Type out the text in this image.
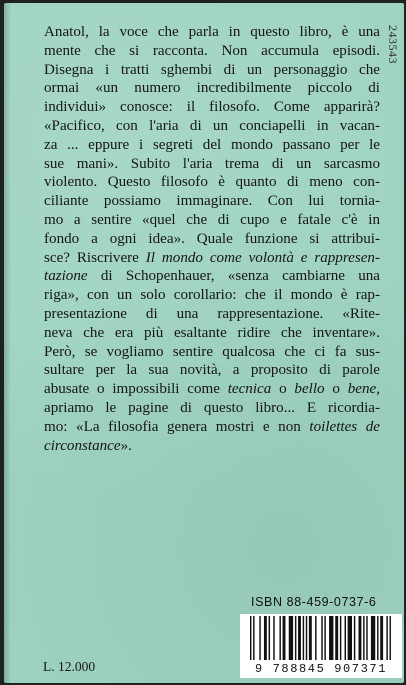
Anatol, la voce che parla in questo libro, è una
mente che si racconta. Non accumula episodi.
Disegna i tratti sghembi di un personaggio che
ormai «un numero incredibilmente piccolo di
individui» conosce: il filosofo. Come apparirà?
«Pacifico, con l'aria di un conciapelli in vacan-
za ... eppure i segreti del mondo passano per le
sue mani». Subito l'aria trema di un sarcasmo
violento. Questo filosofo è quanto di meno con-
ciliante possiamo immaginare. Con lui tornia-
mo a sentire «quel che di cupo e fatale c'è in
fondo a ogni idea». Quale funzione si attribui-
sce? Riscrivere Il mondo come volontà e rappresen-
tazione di Schopenhauer, «senza cambiarne una
riga», con un solo corollario: che il mondo è rap-
presentazione di una rappresentazione. «Rite-
neva che era più esaltante ridire che inventare».
Però, se vogliamo sentire qualcosa che ci fa sus-
sultare per la sua novità, a proposito di parole
abusate o impossibili come tecnica o bello o bene,
apriamo le pagine di questo libro... E ricordia-
mo: «La filosofia genera mostri e non toilettes de
circonstance».
243543
ISBN 88-459-0737-6
9 788845 907371
L. 12.000
